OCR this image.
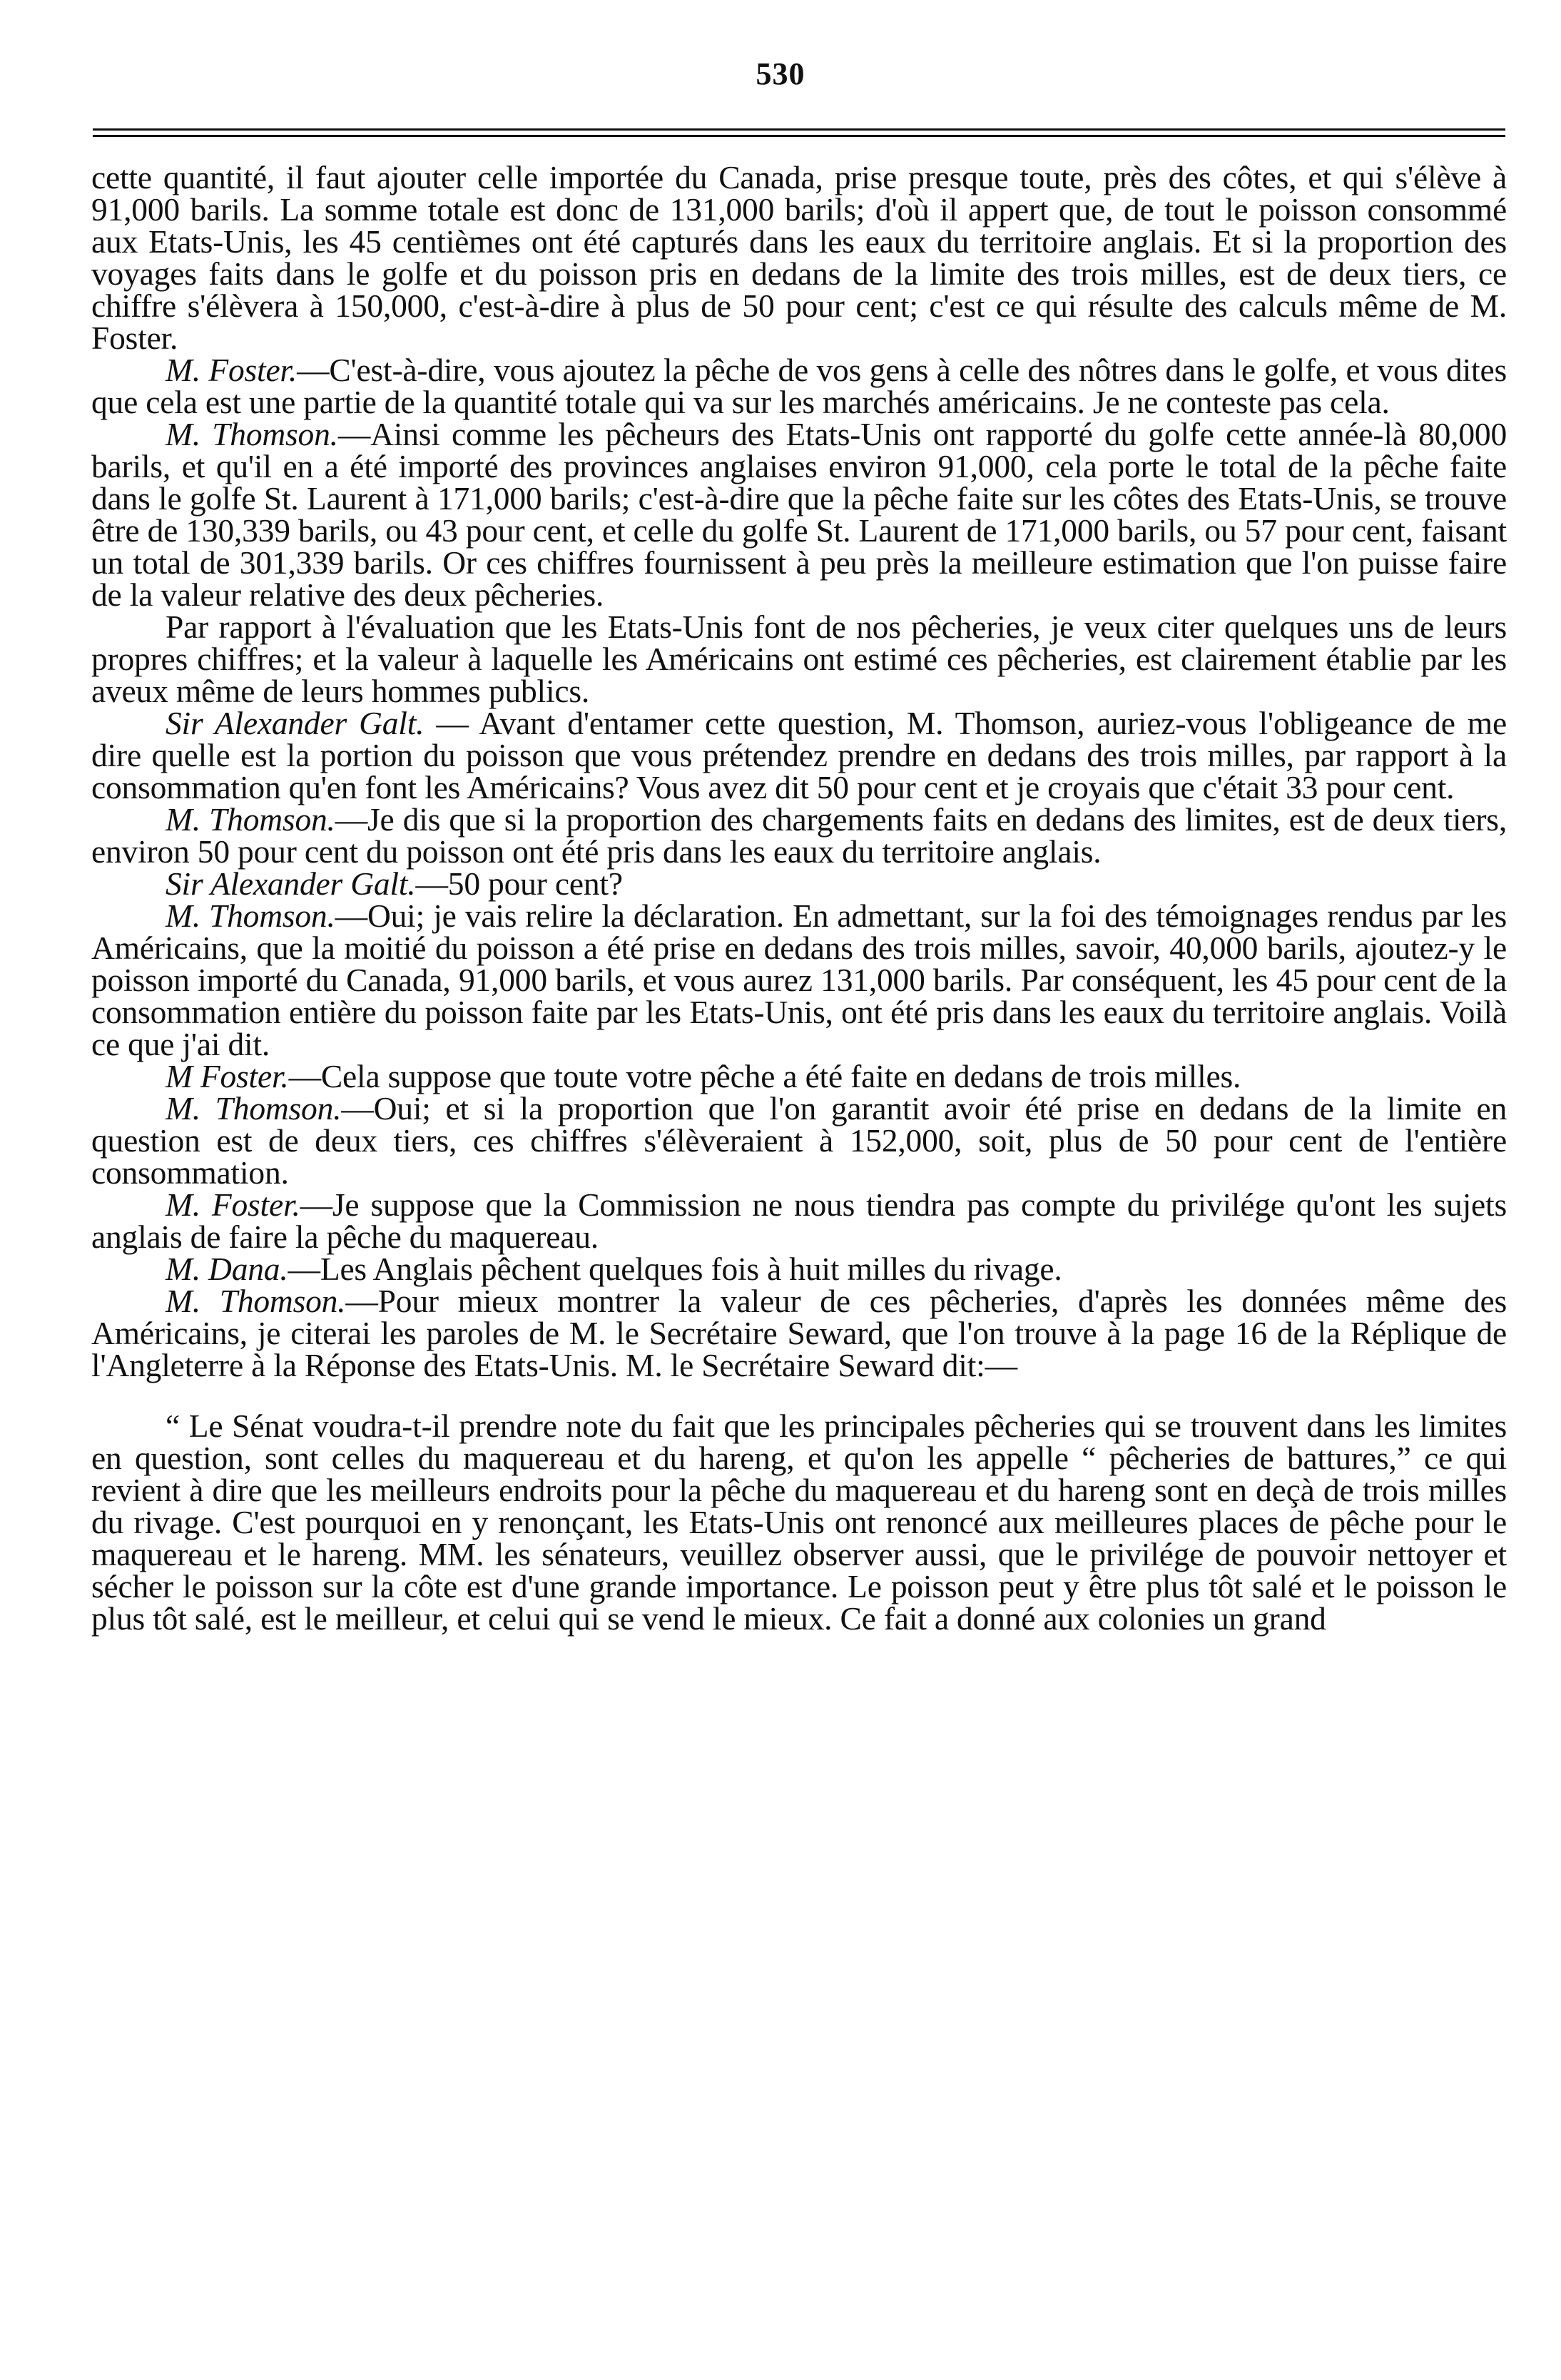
530

cette quantité, il faut ajouter celle importée du Canada, prise presque toute, près des côtes, et qui s'élève à 91,000 barils. La somme totale est donc de 131,000 barils; d'où il appert que, de tout le poisson consommé aux Etats-Unis, les 45 centièmes ont été capturés dans les eaux du territoire anglais. Et si la proportion des voyages faits dans le golfe et du poisson pris en dedans de la limite des trois milles, est de deux tiers, ce chiffre s'élèvera à 150,000, c'est-à-dire à plus de 50 pour cent; c'est ce qui résulte des calculs même de M. Foster.

M. Foster.—C'est-à-dire, vous ajoutez la pêche de vos gens à celle des nôtres dans le golfe, et vous dites que cela est une partie de la quantité totale qui va sur les marchés américains. Je ne conteste pas cela.

M. Thomson.—Ainsi comme les pêcheurs des Etats-Unis ont rapporté du golfe cette année-là 80,000 barils, et qu'il en a été importé des provinces anglaises environ 91,000, cela porte le total de la pêche faite dans le golfe St. Laurent à 171,000 barils; c'est-à-dire que la pêche faite sur les côtes des Etats-Unis, se trouve être de 130,339 barils, ou 43 pour cent, et celle du golfe St. Laurent de 171,000 barils, ou 57 pour cent, faisant un total de 301,339 barils. Or ces chiffres fournissent à peu près la meilleure estimation que l'on puisse faire de la valeur relative des deux pêcheries.

Par rapport à l'évaluation que les Etats-Unis font de nos pêcheries, je veux citer quelques uns de leurs propres chiffres; et la valeur à laquelle les Américains ont estimé ces pêcheries, est clairement établie par les aveux même de leurs hommes publics.

Sir Alexander Galt. — Avant d'entamer cette question, M. Thomson, auriez-vous l'obligeance de me dire quelle est la portion du poisson que vous prétendez prendre en dedans des trois milles, par rapport à la consommation qu'en font les Américains? Vous avez dit 50 pour cent et je croyais que c'était 33 pour cent.

M. Thomson.—Je dis que si la proportion des chargements faits en dedans des limites, est de deux tiers, environ 50 pour cent du poisson ont été pris dans les eaux du territoire anglais.

Sir Alexander Galt.—50 pour cent?

M. Thomson.—Oui; je vais relire la déclaration. En admettant, sur la foi des témoignages rendus par les Américains, que la moitié du poisson a été prise en dedans des trois milles, savoir, 40,000 barils, ajoutez-y le poisson importé du Canada, 91,000 barils, et vous aurez 131,000 barils. Par conséquent, les 45 pour cent de la consommation entière du poisson faite par les Etats-Unis, ont été pris dans les eaux du territoire anglais. Voilà ce que j'ai dit.

M Foster.—Cela suppose que toute votre pêche a été faite en dedans de trois milles.

M. Thomson.—Oui; et si la proportion que l'on garantit avoir été prise en dedans de la limite en question est de deux tiers, ces chiffres s'élèveraient à 152,000, soit, plus de 50 pour cent de l'entière consommation.

M. Foster.—Je suppose que la Commission ne nous tiendra pas compte du privilége qu'ont les sujets anglais de faire la pêche du maquereau.

M. Dana.—Les Anglais pêchent quelques fois à huit milles du rivage.

M. Thomson.—Pour mieux montrer la valeur de ces pêcheries, d'après les données même des Américains, je citerai les paroles de M. le Secrétaire Seward, que l'on trouve à la page 16 de la Réplique de l'Angleterre à la Réponse des Etats-Unis. M. le Secrétaire Seward dit:—

“ Le Sénat voudra-t-il prendre note du fait que les principales pêcheries qui se trouvent dans les limites en question, sont celles du maquereau et du hareng, et qu'on les appelle “ pêcheries de battures,” ce qui revient à dire que les meilleurs endroits pour la pêche du maquereau et du hareng sont en deçà de trois milles du rivage. C'est pourquoi en y renonçant, les Etats-Unis ont renoncé aux meilleures places de pêche pour le maquereau et le hareng. MM. les sénateurs, veuillez observer aussi, que le privilége de pouvoir nettoyer et sécher le poisson sur la côte est d'une grande importance. Le poisson peut y être plus tôt salé et le poisson le plus tôt salé, est le meilleur, et celui qui se vend le mieux. Ce fait a donné aux colonies un grand
